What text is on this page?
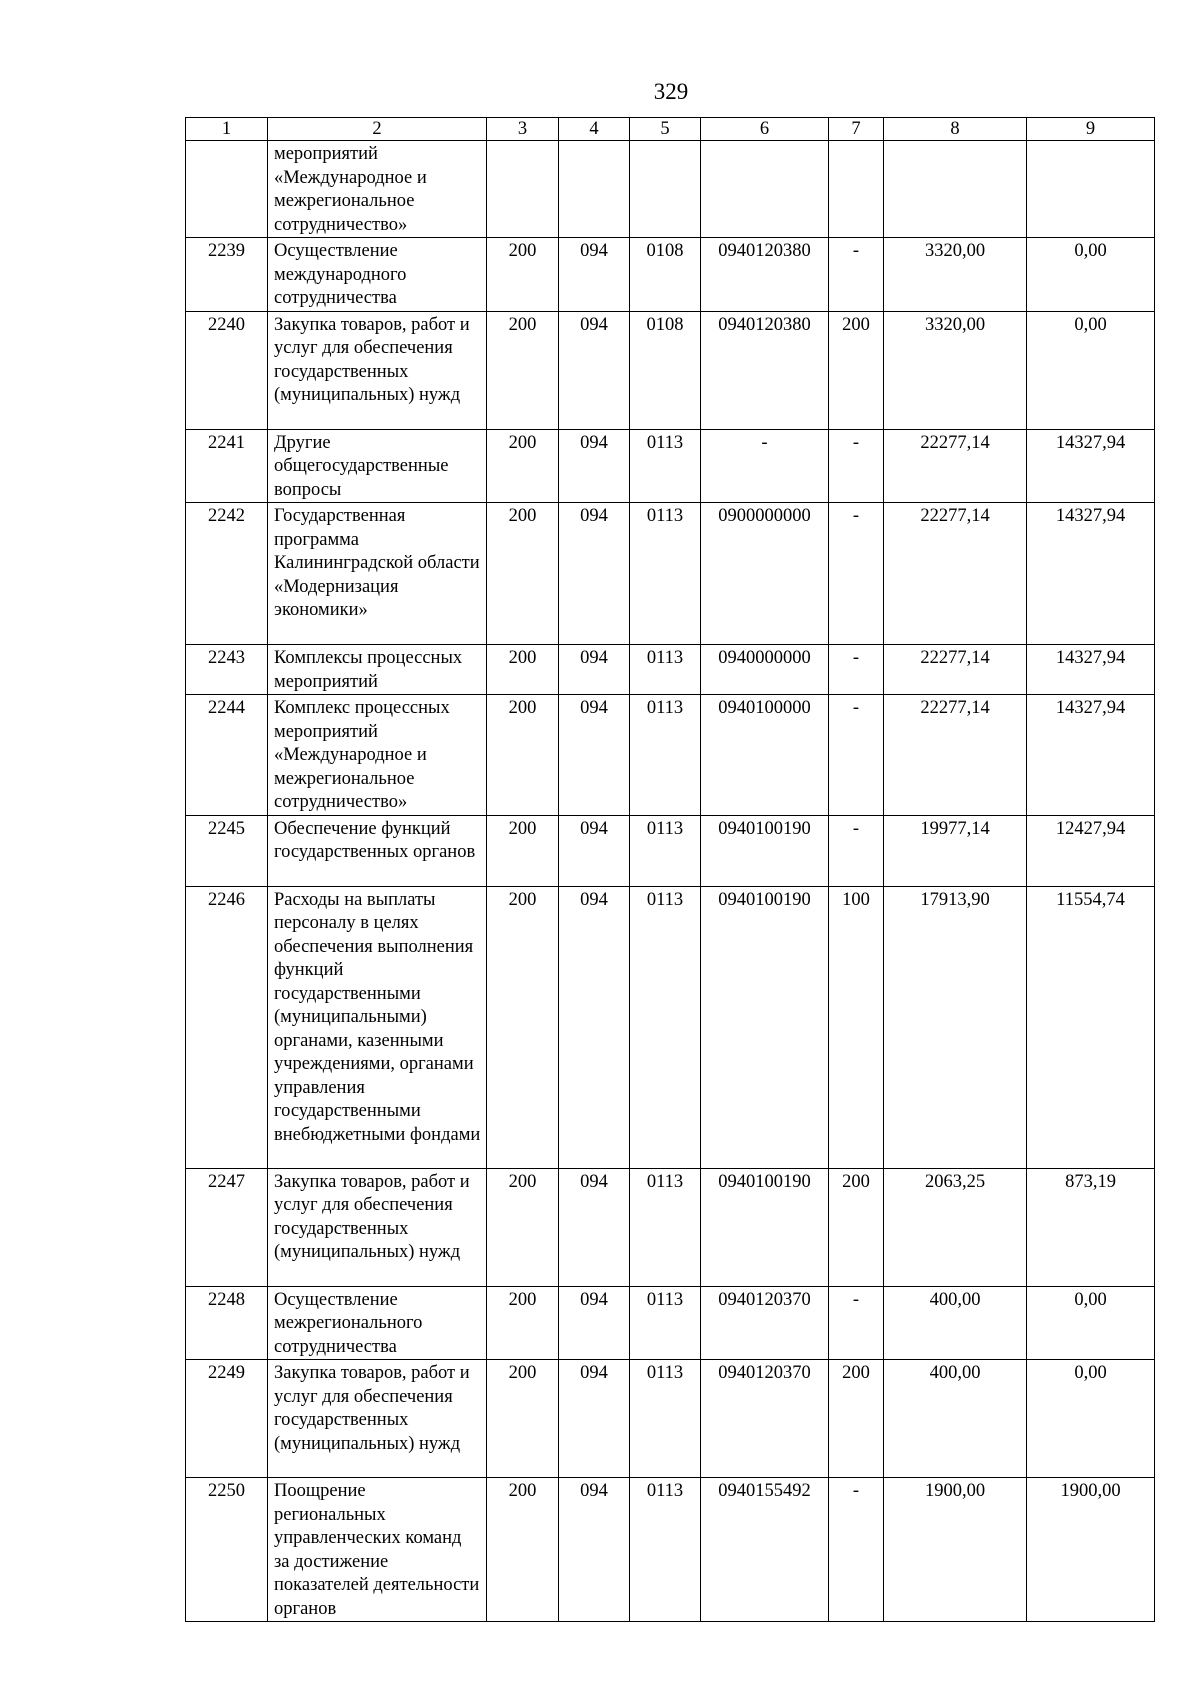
329
1	2	3	4	5	6	7	8	9
	мероприятий «Международное и межрегиональное сотрудничество»							
2239	Осуществление международного сотрудничества	200	094	0108	0940120380	-	3320,00	0,00
2240	Закупка товаров, работ и услуг для обеспечения государственных (муниципальных) нужд	200	094	0108	0940120380	200	3320,00	0,00
2241	Другие общегосударственные вопросы	200	094	0113	-	-	22277,14	14327,94
2242	Государственная программа Калининградской области «Модернизация экономики»	200	094	0113	0900000000	-	22277,14	14327,94
2243	Комплексы процессных мероприятий	200	094	0113	0940000000	-	22277,14	14327,94
2244	Комплекс процессных мероприятий «Международное и межрегиональное сотрудничество»	200	094	0113	0940100000	-	22277,14	14327,94
2245	Обеспечение функций государственных органов	200	094	0113	0940100190	-	19977,14	12427,94
2246	Расходы на выплаты персоналу в целях обеспечения выполнения функций государственными (муниципальными) органами, казенными учреждениями, органами управления государственными внебюджетными фондами	200	094	0113	0940100190	100	17913,90	11554,74
2247	Закупка товаров, работ и услуг для обеспечения государственных (муниципальных) нужд	200	094	0113	0940100190	200	2063,25	873,19
2248	Осуществление межрегионального сотрудничества	200	094	0113	0940120370	-	400,00	0,00
2249	Закупка товаров, работ и услуг для обеспечения государственных (муниципальных) нужд	200	094	0113	0940120370	200	400,00	0,00
2250	Поощрение региональных управленческих команд за достижение показателей деятельности органов	200	094	0113	0940155492	-	1900,00	1900,00
